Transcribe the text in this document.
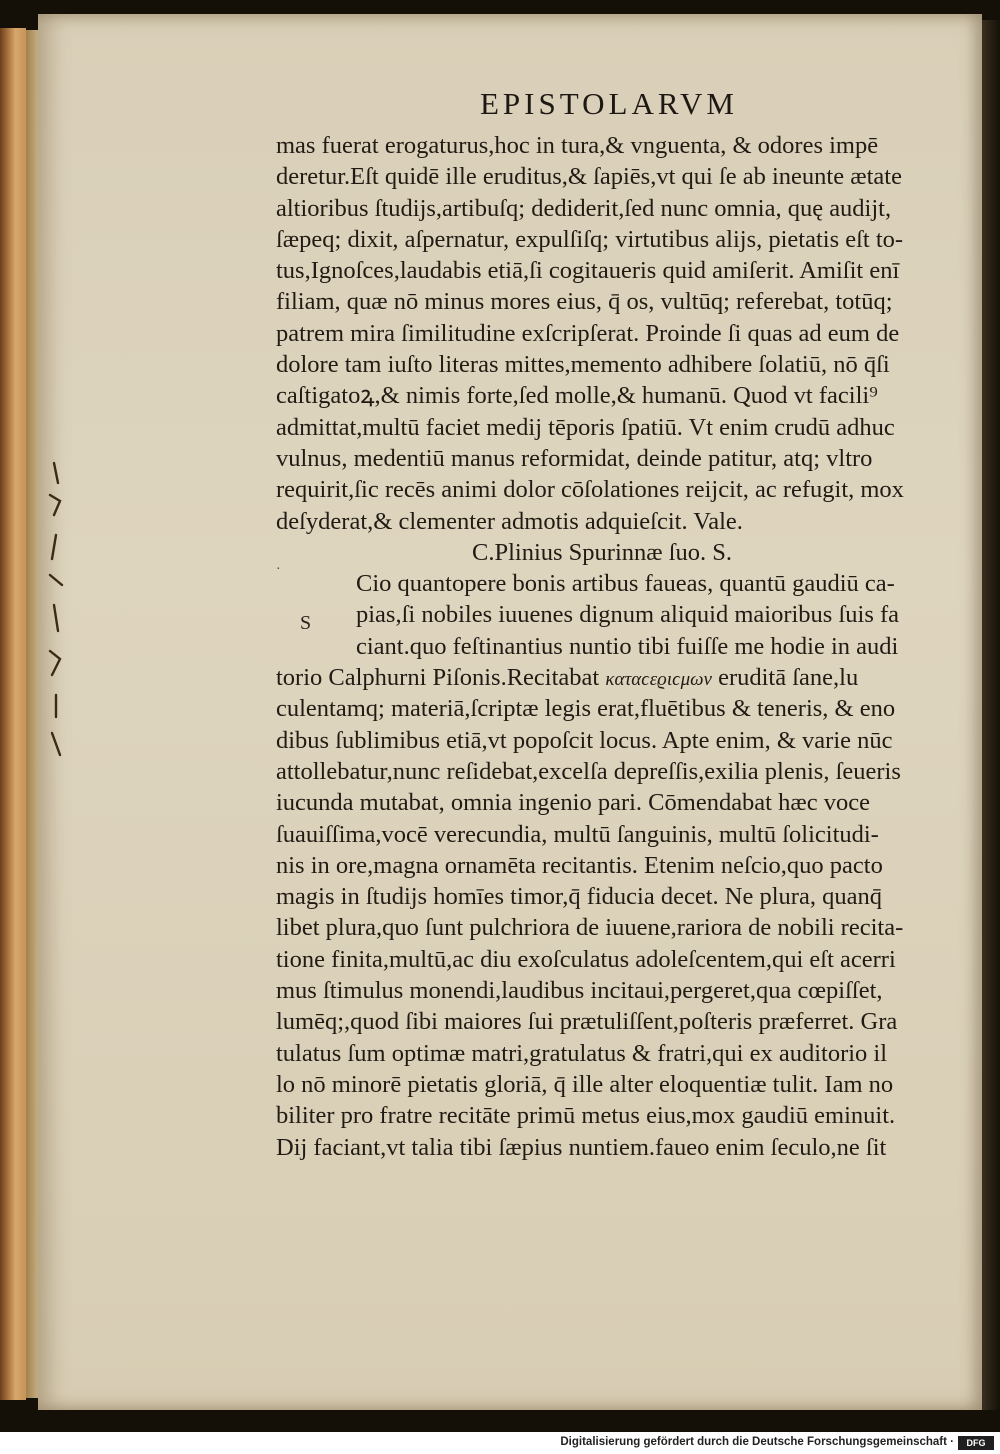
EPISTOLARVM
·
S
mas fuerat erogaturus,hoc in tura,& vnguenta, & odores impē
deretur.Eſt quidē ille eruditus,& ſapiēs,vt qui ſe ab ineunte ætate
altioribus ſtudijs,artibuſq; dediderit,ſed nunc omnia, quę audijt,
ſæpeq; dixit, aſpernatur, expulſiſq; virtutibus alijs, pietatis eſt to-
tus,Ignoſces,laudabis etiā,ſi cogitaueris quid amiſerit. Amiſit enī
filiam, quæ nō minus mores eius, q̄ os, vultūq; referebat, totūq;
patrem mira ſimilitudine exſcripſerat. Proinde ſi quas ad eum de
dolore tam iuſto literas mittes,memento adhibere ſolatiū, nō q̄ſi
caſtigatoꝝ,& nimis forte,ſed molle,& humanū. Quod vt facili⁹
admittat,multū faciet medij tēporis ſpatiū. Vt enim crudū adhuc
vulnus, medentiū manus reformidat, deinde patitur, atq; vltro
requirit,ſic recēs animi dolor cōſolationes reijcit, ac refugit, mox
deſyderat,& clementer admotis adquieſcit. Vale.
C.Plinius Spurinnæ ſuo. S.
Cio quantopere bonis artibus faueas, quantū gaudiū ca-
pias,ſi nobiles iuuenes dignum aliquid maioribus ſuis fa
ciant.quo feſtinantius nuntio tibi fuiſſe me hodie in audi
torio Calphurni Piſonis.Recitabat καταϲεϱιϲμων eruditā ſane,lu
culentamq; materiā,ſcriptæ legis erat,fluētibus & teneris, & eno
dibus ſublimibus etiā,vt popoſcit locus. Apte enim, & varie nūc
attollebatur,nunc reſidebat,excelſa depreſſis,exilia plenis, ſeueris
iucunda mutabat, omnia ingenio pari. Cōmendabat hæc voce
ſuauiſſima,vocē verecundia, multū ſanguinis, multū ſolicitudi-
nis in ore,magna ornamēta recitantis. Etenim neſcio,quo pacto
magis in ſtudijs homīes timor,q̄ fiducia decet. Ne plura, quanq̄
libet plura,quo ſunt pulchriora de iuuene,rariora de nobili recita-
tione finita,multū,ac diu exoſculatus adoleſcentem,qui eſt acerri
mus ſtimulus monendi,laudibus incitaui,pergeret,qua cœpiſſet,
lumēq;,quod ſibi maiores ſui prætuliſſent,poſteris præferret. Gra
tulatus ſum optimæ matri,gratulatus & fratri,qui ex auditorio il
lo nō minorē pietatis gloriā, q̄ ille alter eloquentiæ tulit. Iam no
biliter pro fratre recitāte primū metus eius,mox gaudiū eminuit.
Dij faciant,vt talia tibi ſæpius nuntiem.faueo enim ſeculo,ne ſit
Digitalisierung gefördert durch die Deutsche Forschungsgemeinschaft ·	DFG
